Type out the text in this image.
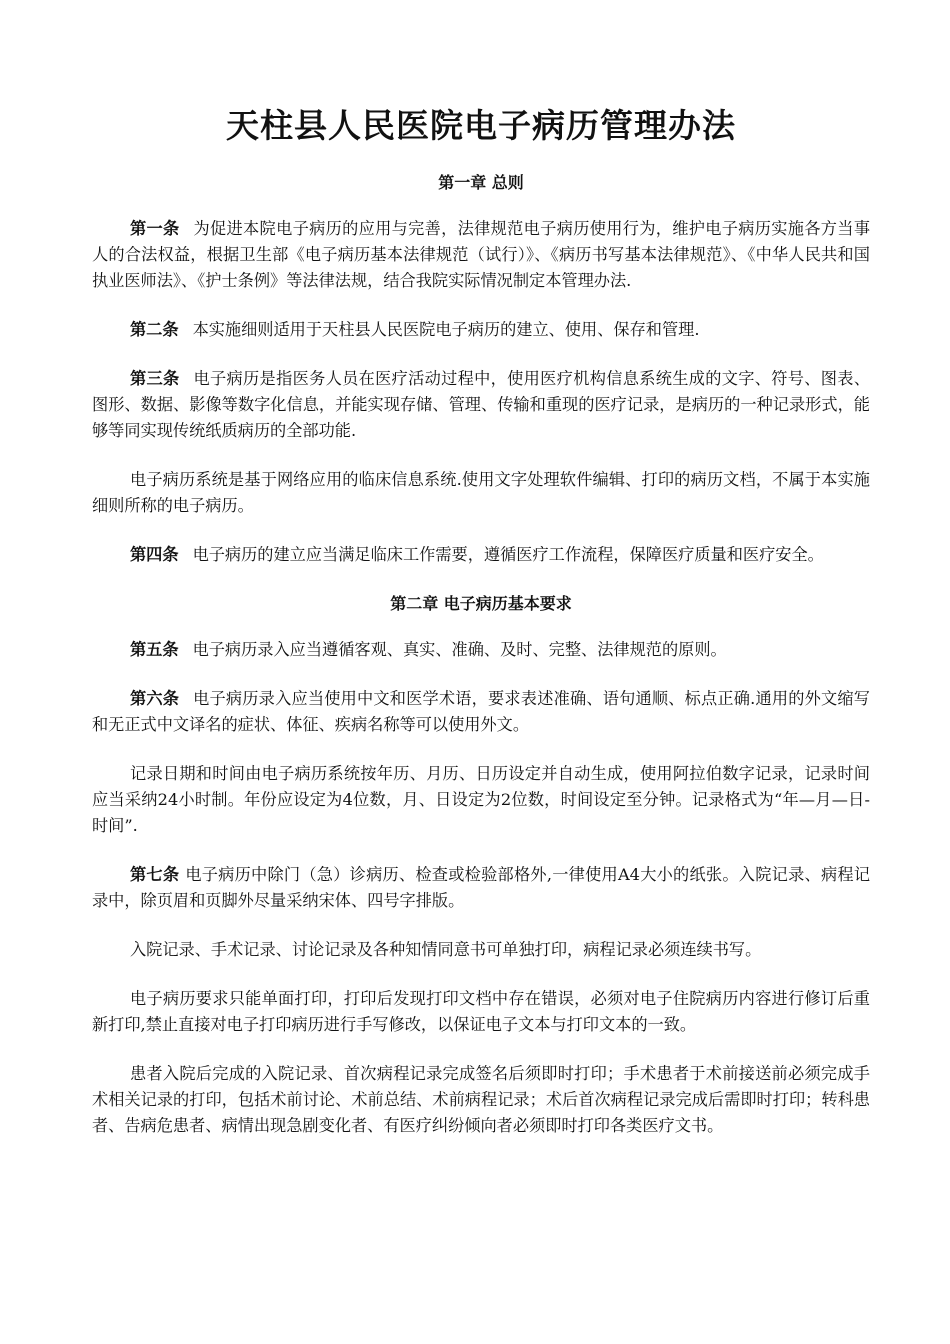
天柱县人民医院电子病历管理办法
第一章 总则

第一条 为促进本院电子病历的应用与完善，法律规范电子病历使用行为，维护电子病历实施各方当事人的合法权益，根据卫生部《电子病历基本法律规范（试行）》、《病历书写基本法律规范》、《中华人民共和国执业医师法》、《护士条例》等法律法规，结合我院实际情况制定本管理办法.

第二条 本实施细则适用于天柱县人民医院电子病历的建立、使用、保存和管理.

第三条 电子病历是指医务人员在医疗活动过程中，使用医疗机构信息系统生成的文字、符号、图表、图形、数据、影像等数字化信息，并能实现存储、管理、传输和重现的医疗记录，是病历的一种记录形式，能够等同实现传统纸质病历的全部功能.

电子病历系统是基于网络应用的临床信息系统.使用文字处理软件编辑、打印的病历文档，不属于本实施细则所称的电子病历。

第四条 电子病历的建立应当满足临床工作需要，遵循医疗工作流程，保障医疗质量和医疗安全。

第二章 电子病历基本要求

第五条 电子病历录入应当遵循客观、真实、准确、及时、完整、法律规范的原则。

第六条 电子病历录入应当使用中文和医学术语，要求表述准确、语句通顺、标点正确.通用的外文缩写和无正式中文译名的症状、体征、疾病名称等可以使用外文。

记录日期和时间由电子病历系统按年历、月历、日历设定并自动生成，使用阿拉伯数字记录，记录时间应当采纳24小时制。年份应设定为4位数，月、日设定为2位数，时间设定至分钟。记录格式为“年—月—日-时间”.

第七条 电子病历中除门（急）诊病历、检查或检验部格外,一律使用A4大小的纸张。入院记录、病程记录中，除页眉和页脚外尽量采纳宋体、四号字排版。

入院记录、手术记录、讨论记录及各种知情同意书可单独打印，病程记录必须连续书写。

电子病历要求只能单面打印，打印后发现打印文档中存在错误，必须对电子住院病历内容进行修订后重新打印,禁止直接对电子打印病历进行手写修改，以保证电子文本与打印文本的一致。

患者入院后完成的入院记录、首次病程记录完成签名后须即时打印；手术患者于术前接送前必须完成手术相关记录的打印，包括术前讨论、术前总结、术前病程记录；术后首次病程记录完成后需即时打印；转科患者、告病危患者、病情出现急剧变化者、有医疗纠纷倾向者必须即时打印各类医疗文书。
